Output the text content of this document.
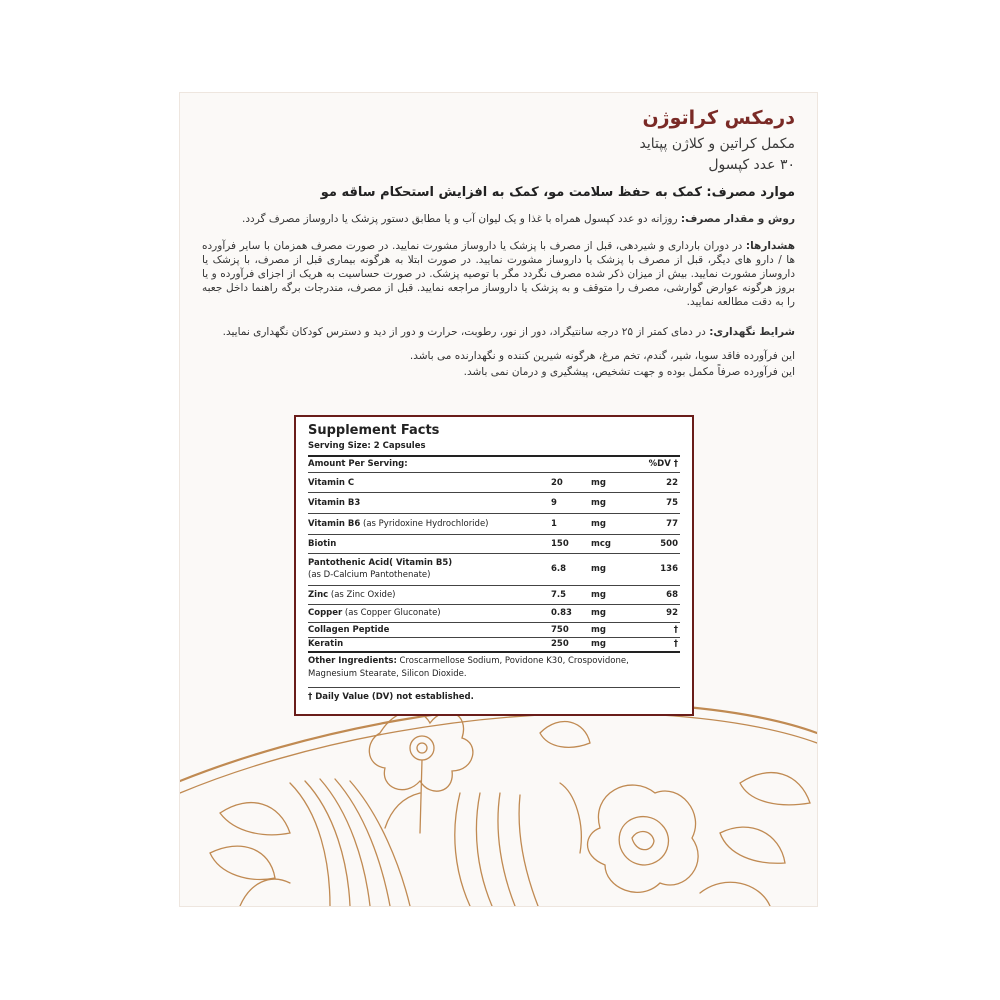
درمکس کراتوژن
مکمل کراتین و کلاژن پپتاید
۳۰ عدد کپسول
موارد مصرف: کمک به حفظ سلامت مو، کمک به افزایش استحکام ساقه مو
روش و مقدار مصرف: روزانه دو عدد کپسول همراه با غذا و یک لیوان آب و یا مطابق دستور پزشک یا داروساز مصرف گردد.
هشدارها: در دوران بارداری و شیردهی، قبل از مصرف با پزشک یا داروساز مشورت نمایید. در صورت مصرف همزمان با سایر فرآورده ها / دارو های دیگر، قبل از مصرف با پزشک یا داروساز مشورت نمایید. در صورت ابتلا به هرگونه بیماری قبل از مصرف، با پزشک یا داروساز مشورت نمایید. بیش از میزان ذکر شده مصرف نگردد مگر با توصیه پزشک. در صورت حساسیت به هریک از اجزای فرآورده و یا بروز هرگونه عوارض گوارشی، مصرف را متوقف و به پزشک یا داروساز مراجعه نمایید. قبل از مصرف، مندرجات برگه راهنما داخل جعبه را به دقت مطالعه نمایید.
شرایط نگهداری: در دمای کمتر از ۲۵ درجه سانتیگراد، دور از نور، رطوبت، حرارت و دور از دید و دسترس کودکان نگهداری نمایید.
این فرآورده فاقد سویا، شیر، گندم، تخم مرغ، هرگونه شیرین کننده و نگهدارنده می باشد.
این فرآورده صرفاً مکمل بوده و جهت تشخیص، پیشگیری و درمان نمی باشد.
Supplement Facts
Serving Size: 2 Capsules
Amount Per Serving:	%DV †
Vitamin C	20	mg	22
Vitamin B3	9	mg	75
Vitamin B6 (as Pyridoxine Hydrochloride)	1	mg	77
Biotin	150	mcg	500
Pantothenic Acid( Vitamin B5)
(as D-Calcium Pantothenate)
6.8	mg	136
Zinc (as Zinc Oxide)	7.5	mg	68
Copper (as Copper Gluconate)	0.83	mg	92
Collagen Peptide	750	mg	†
Keratin	250	mg	†
Other Ingredients: Croscarmellose Sodium, Povidone K30, Crospovidone, Magnesium Stearate, Silicon Dioxide.
† Daily Value (DV) not established.
